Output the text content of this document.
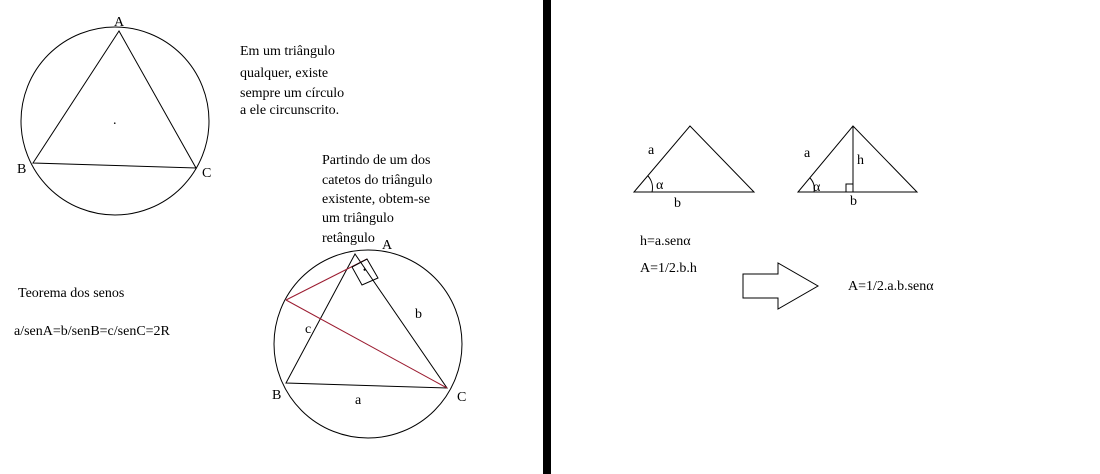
.
A
B	C
Em um triângulo
qualquer, existe
sempre um círculo
a ele circunscrito.
Teorema dos senos
a/senA=b/senB=c/senC=2R
Partindo de um dos
catetos do triângulo
existente, obtem-se
um triângulo
retângulo
•
A
B	C
a
b
c
a
b
α
a	h
b
α
h=a.senα
A=1/2.b.h
A=1/2.a.b.senα
